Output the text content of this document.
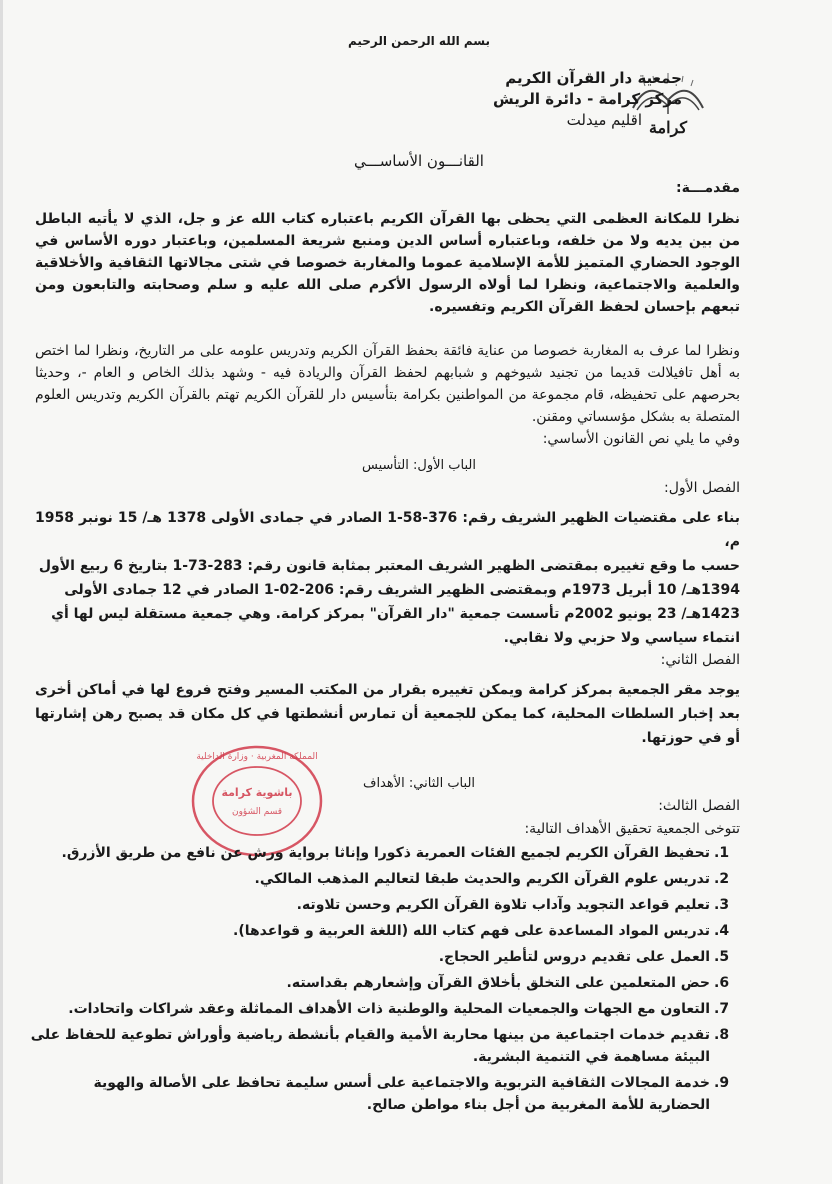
بسم الله الرحمن الرحيم
كرامة
جمعية دار القرآن الكريم
مركز كرامة - دائرة الريش
اقليم ميدلت
القانـــون الأساســـي
مقدمـــة:
نظرا للمكانة العظمى التي يحظى بها القرآن الكريم باعتباره كتاب الله عز و جل، الذي لا يأتيه الباطل من بين يديه ولا من خلفه، وباعتباره أساس الدين ومنبع شريعة المسلمين، وباعتبار دوره الأساس في الوجود الحضاري المتميز للأمة الإسلامية عموما والمغاربة خصوصا في شتى مجالاتها الثقافية والأخلاقية والعلمية والاجتماعية، ونظرا لما أولاه الرسول الأكرم صلى الله عليه و سلم وصحابته والتابعون ومن تبعهم بإحسان لحفظ القرآن الكريم وتفسيره.
ونظرا لما عرف به المغاربة خصوصا من عناية فائقة بحفظ القرآن الكريم وتدريس علومه على مر التاريخ، ونظرا لما اختص به أهل تافيلالت قديما من تجنيد شيوخهم و شبابهم لحفظ القرآن والريادة فيه - وشهد بذلك الخاص و العام -، وحديثا بحرصهم على تحفيظه، قام مجموعة من المواطنين بكرامة بتأسيس دار للقرآن الكريم تهتم بالقرآن الكريم وتدريس العلوم المتصلة به بشكل مؤسساتي ومقنن.
وفي ما يلي نص القانون الأساسي:
الباب الأول: التأسيس
الفصل الأول:
بناء على مقتضيات الظهير الشريف رقم: 376-58-1 الصادر في جمادى الأولى 1378 هـ/ 15 نونبر 1958 م،
حسب ما وقع تغييره بمقتضى الظهير الشريف المعتبر بمثابة قانون رقم: 283-73-1 بتاريخ 6 ربيع الأول
1394هـ/ 10 أبريل 1973م وبمقتضى الظهير الشريف رقم: 206-02-1 الصادر في 12 جمادى الأولى
1423هـ/ 23 يونيو 2002م تأسست جمعية "دار القرآن" بمركز كرامة. وهي جمعية مستقلة ليس لها أي
انتماء سياسي ولا حزبي ولا نقابي.
الفصل الثاني:
يوجد مقر الجمعية بمركز كرامة ويمكن تغييره بقرار من المكتب المسير وفتح فروع لها في أماكن أخرى بعد إخبار السلطات المحلية، كما يمكن للجمعية أن تمارس أنشطتها في كل مكان قد يصبح رهن إشارتها أو في حوزتها.
المملكة المغربية · وزارة الداخلية
باشوية كرامة
قسم الشؤون
الباب الثاني: الأهداف
الفصل الثالث:
تتوخى الجمعية تحقيق الأهداف التالية:
1.
تحفيظ القرآن الكريم لجميع الفئات العمرية ذكورا وإناثا برواية ورش عن نافع من طريق الأزرق.
2.
تدريس علوم القرآن الكريم والحديث طبقا لتعاليم المذهب المالكي.
3.
تعليم قواعد التجويد وآداب تلاوة القرآن الكريم وحسن تلاوته.
4.
تدريس المواد المساعدة على فهم كتاب الله (اللغة العربية و قواعدها).
5.
العمل على تقديم دروس لتأطير الحجاج.
6.
حض المتعلمين على التخلق بأخلاق القرآن وإشعارهم بقداسته.
7.
التعاون مع الجهات والجمعيات المحلية والوطنية ذات الأهداف المماثلة وعقد شراكات واتحادات.
8.
تقديم خدمات اجتماعية من بينها محاربة الأمية والقيام بأنشطة رياضية وأوراش تطوعية للحفاظ على البيئة مساهمة في التنمية البشرية.
9.
خدمة المجالات الثقافية التربوية والاجتماعية على أسس سليمة تحافظ على الأصالة والهوية الحضارية للأمة المغربية من أجل بناء مواطن صالح.
